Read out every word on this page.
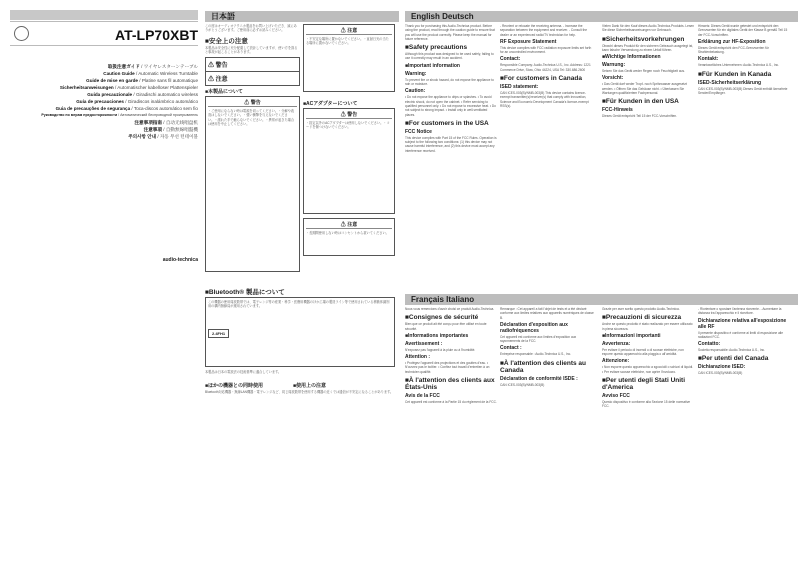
AT-LP70XBT
取扱注意ガイド / ワイヤレスターンテーブル
Caution Guide / Automatic Wireless Turntable
Guide de mise en garde / Platine sans fil automatique
Sicherheitsanweisungen / Automatischer kabelloser Plattenspieler
Guida precauzionale / Giradischi automatico wireless
Guía de precauciones / Giradiscos inalámbrico automático
Guia de precauções de segurança / Toca-discos automático sem fio
Руководство по мерам предосторожности / Автоматический беспроводной проигрыватель
注意事项指南 / 自动无线唱盘机
注意事項 / 自動無線唱盤機
주의사항 안내 / 자동 무선 턴테이블
audio-technica
日本語
この度はオーディオテクニカ製品をお買い上げいただき、誠にありがとうございます。ご使用前に必ずお読みください。
■安全上の注意
本製品は安全性に充分配慮して設計していますが、使い方を誤ると事故が起こることがあります。
⚠ 警告
⚠ 注意
■本製品について
⚠ 警告
・ご使用にならない時は電源を切ってください。・分解や改造はしないでください。・強い衝撃を与えないでください。・濡れた手で触らないでください。・異常が起きた場合は使用を中止してください。
⚠ 注意
・不安定な場所に置かないでください。・直射日光の当たる場所に置かないでください。
■ACアダプターについて
⚠ 警告
・指定以外のACアダプターは使用しないでください。・コードを傷つけないでください。
⚠ 注意
・長期間使用しない時はコンセントから抜いてください。
■Bluetooth® 製品について
この機器の使用周波数帯では、電子レンジ等の産業・科学・医療用機器のほか工場の製造ライン等で使用されている移動体識別用の構内無線局が運用されています。
2.4FH1
本製品は日本の電波法の技術基準に適合しています。
■ほかの機器との同時使用	■使用上の注意
Bluetooth対応機器・無線LAN機器・電子レンジなど、同じ周波数帯を使用する機器の近くでは通信が不安定になることがあります。
English Deutsch
Thank you for purchasing this Audio-Technica product. Before using the product, read through the caution guide to ensure that you will use the product correctly. Please keep the manual for future reference.
■Safety precautions
Although this product was designed to be used safely, failing to use it correctly may result in an accident.
■Important information
Warning:
To prevent fire or shock hazard, do not expose the appliance to rain or moisture.
Caution:
• Do not expose the appliance to drips or splashes. • To avoid electric shock, do not open the cabinet. • Refer servicing to qualified personnel only. • Do not expose to excessive heat. • Do not subject to strong impact. • Install only in well-ventilated places.
■For customers in the USA
FCC Notice
This device complies with Part 15 of the FCC Rules. Operation is subject to the following two conditions: (1) this device may not cause harmful interference, and (2) this device must accept any interference received.
- Reorient or relocate the receiving antenna. - Increase the separation between the equipment and receiver. - Consult the dealer or an experienced radio/TV technician for help.
RF Exposure Statement
This device complies with FCC radiation exposure limits set forth for an uncontrolled environment.
Contact:
Responsible Company: Audio-Technica U.S., Inc. Address: 1221 Commerce Drive, Stow, Ohio 44224, USA Tel: 330.686.2600
■For customers in Canada
ISED statement:
CAN ICES-003(B)/NMB-003(B) This device contains licence-exempt transmitter(s)/receiver(s) that comply with Innovation, Science and Economic Development Canada's licence-exempt RSS(s).
Vielen Dank für den Kauf dieses Audio-Technica-Produkts. Lesen Sie diese Sicherheitsanweisungen vor Gebrauch.
■Sicherheitsvorkehrungen
Obwohl dieses Produkt für den sicheren Gebrauch ausgelegt ist, kann falsche Verwendung zu einem Unfall führen.
■Wichtige Informationen
Warnung:
Setzen Sie das Gerät weder Regen noch Feuchtigkeit aus.
Vorsicht:
• Das Gerät darf weder Tropf- noch Spritzwasser ausgesetzt werden. • Öffnen Sie das Gehäuse nicht. • Überlassen Sie Wartungen qualifiziertem Fachpersonal.
■Für Kunden in den USA
FCC-Hinweis
Dieses Gerät entspricht Teil 15 der FCC-Vorschriften.
Hinweis: Dieses Gerät wurde getestet und entspricht den Grenzwerten für ein digitales Gerät der Klasse B gemäß Teil 15 der FCC-Vorschriften.
Erklärung zur HF-Exposition
Dieses Gerät entspricht den FCC-Grenzwerten für Strahlenbelastung.
Kontakt:
Verantwortliches Unternehmen: Audio-Technica U.S., Inc.
■Für Kunden in Kanada
ISED-Sicherheitserklärung
CAN ICES-003(B)/NMB-003(B) Dieses Gerät enthält lizenzfreie Sender/Empfänger.
Français Italiano
Nous vous remercions d'avoir choisi ce produit Audio-Technica.
■Consignes de sécurité
Bien que ce produit ait été conçu pour être utilisé en toute sécurité.
■Informations importantes
Avertissement :
N'exposez pas l'appareil à la pluie ou à l'humidité.
Attention :
• Protégez l'appareil des projections et des gouttes d'eau. • N'ouvrez pas le boîtier. • Confiez tout travail d'entretien à un technicien qualifié.
■À l'attention des clients aux États-Unis
Avis de la FCC
Cet appareil est conforme à la Partie 15 du règlement de la FCC.
Remarque : Cet appareil a fait l'objet de tests et a été déclaré conforme aux limites relatives aux appareils numériques de classe B.
Déclaration d'exposition aux radiofréquences
Cet appareil est conforme aux limites d'exposition aux rayonnements de la FCC.
Contact :
Entreprise responsable : Audio-Technica U.S., Inc.
■À l'attention des clients au Canada
Déclaration de conformité ISDE :
CAN ICES-003(B)/NMB-003(B)
Grazie per aver scelto questo prodotto Audio-Technica.
■Precauzioni di sicurezza
Anche se questo prodotto è stato realizzato per essere utilizzato in piena sicurezza.
■Informazioni importanti
Avvertenza:
Per evitare il pericolo di incendi o di scosse elettriche, non esporre questo apparecchio alla pioggia o all'umidità.
Attenzione:
• Non esporre questo apparecchio a sgocciolii o schizzi di liquidi. • Per evitare scosse elettriche, non aprire l'involucro.
■Per utenti degli Stati Uniti d'America
Avviso FCC
Questo dispositivo è conforme alla Sezione 15 delle normative FCC.
- Riorientare o spostare l'antenna ricevente. - Aumentare la distanza tra l'apparecchio e il ricevitore.
Dichiarazione relativa all'esposizione alle RF
Il presente dispositivo è conforme ai limiti di esposizione alle radiazioni FCC.
Contatto:
Società responsabile: Audio-Technica U.S., Inc.
■Per utenti del Canada
Dichiarazione ISED:
CAN ICES-003(B)/NMB-003(B)
